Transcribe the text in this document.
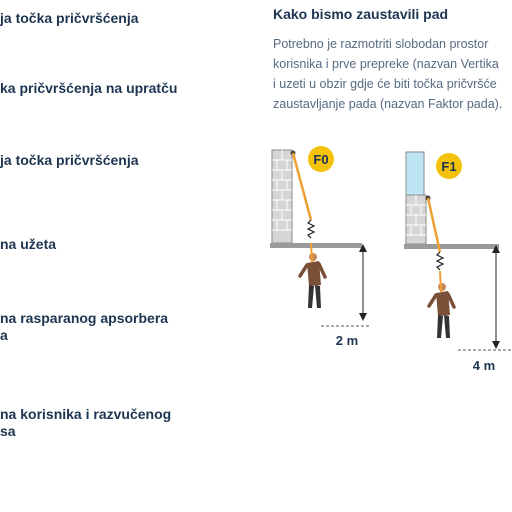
ja točka pričvršćenja

ka pričvršćenja na upratču

ja točka pričvršćenja

na užeta

na rasparanog apsorbera

a

na korisnika i razvučenog

sa

Kako bismo zaustavili pad
Potrebno je razmotriti slobodan prostor
korisnika i prve prepreke (nazvan Vertika
i uzeti u obzir gdje će biti točka pričvršće
zaustavljanje pada (nazvan Faktor pada).
F0
2 m
F1
4 m
